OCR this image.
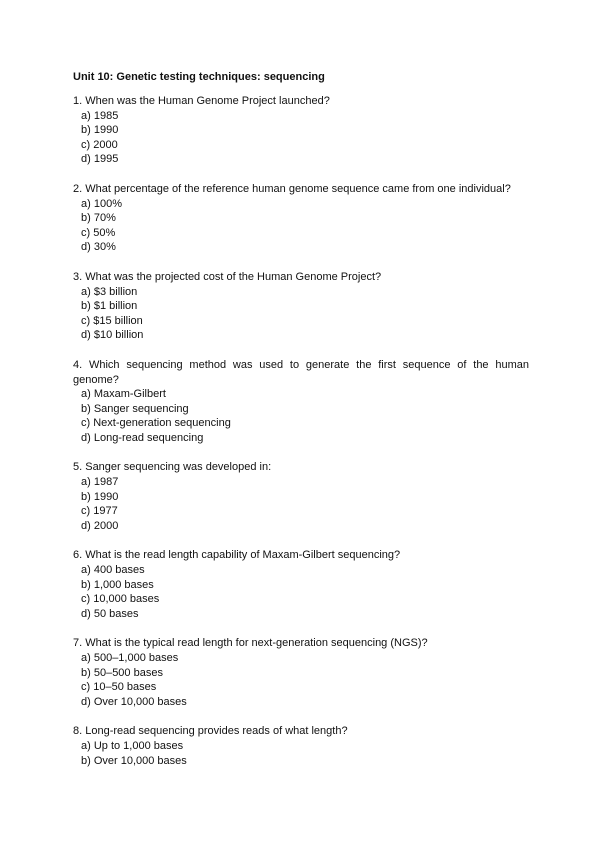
Unit 10: Genetic testing techniques: sequencing
1. When was the Human Genome Project launched?
a) 1985
b) 1990
c) 2000
d) 1995
2. What percentage of the reference human genome sequence came from one individual?
a) 100%
b) 70%
c) 50%
d) 30%
3. What was the projected cost of the Human Genome Project?
a) $3 billion
b) $1 billion
c) $15 billion
d) $10 billion
4. Which sequencing method was used to generate the first sequence of the human genome?
a) Maxam-Gilbert
b) Sanger sequencing
c) Next-generation sequencing
d) Long-read sequencing
5. Sanger sequencing was developed in:
a) 1987
b) 1990
c) 1977
d) 2000
6. What is the read length capability of Maxam-Gilbert sequencing?
a) 400 bases
b) 1,000 bases
c) 10,000 bases
d) 50 bases
7. What is the typical read length for next-generation sequencing (NGS)?
a) 500–1,000 bases
b) 50–500 bases
c) 10–50 bases
d) Over 10,000 bases
8. Long-read sequencing provides reads of what length?
a) Up to 1,000 bases
b) Over 10,000 bases
